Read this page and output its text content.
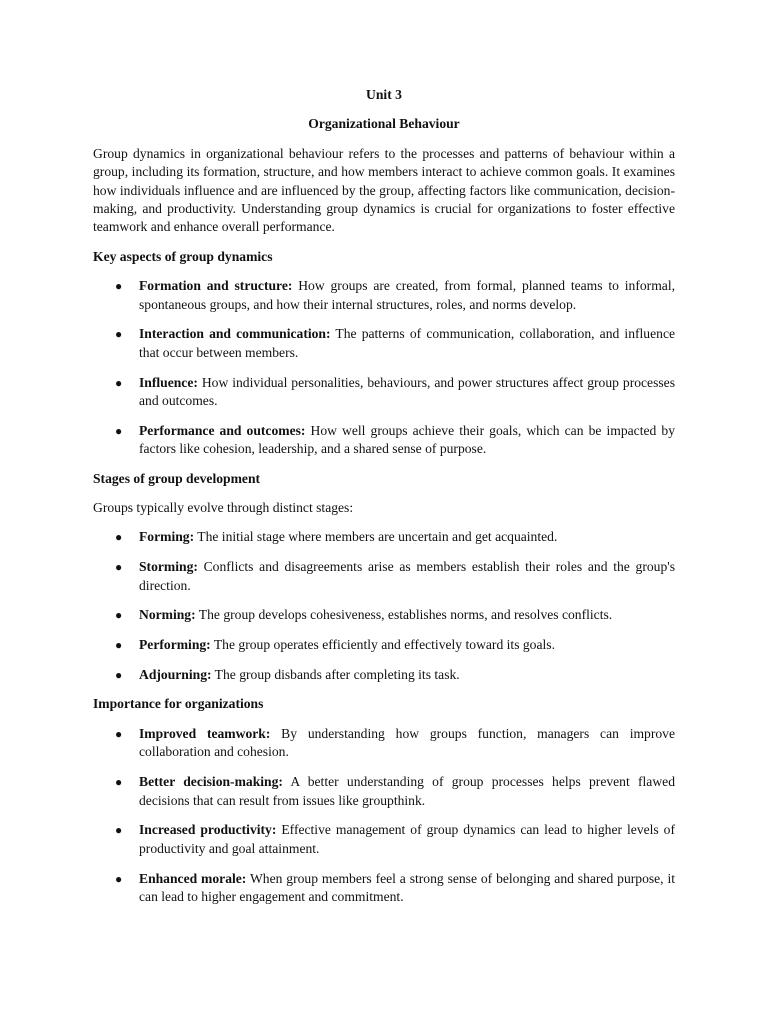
Unit 3

Organizational Behaviour

Group dynamics in organizational behaviour refers to the processes and patterns of behaviour within a group, including its formation, structure, and how members interact to achieve common goals. It examines how individuals influence and are influenced by the group, affecting factors like communication, decision-making, and productivity. Understanding group dynamics is crucial for organizations to foster effective teamwork and enhance overall performance.

Key aspects of group dynamics
● Formation and structure: How groups are created, from formal, planned teams to informal, spontaneous groups, and how their internal structures, roles, and norms develop.
● Interaction and communication: The patterns of communication, collaboration, and influence that occur between members.
● Influence: How individual personalities, behaviours, and power structures affect group processes and outcomes.
● Performance and outcomes: How well groups achieve their goals, which can be impacted by factors like cohesion, leadership, and a shared sense of purpose.
Stages of group development

Groups typically evolve through distinct stages:

● Forming: The initial stage where members are uncertain and get acquainted.
● Storming: Conflicts and disagreements arise as members establish their roles and the group's direction.
● Norming: The group develops cohesiveness, establishes norms, and resolves conflicts.
● Performing: The group operates efficiently and effectively toward its goals.
● Adjourning: The group disbands after completing its task.
Importance for organizations
● Improved teamwork: By understanding how groups function, managers can improve collaboration and cohesion.
● Better decision-making: A better understanding of group processes helps prevent flawed decisions that can result from issues like groupthink.
● Increased productivity: Effective management of group dynamics can lead to higher levels of productivity and goal attainment.
● Enhanced morale: When group members feel a strong sense of belonging and shared purpose, it can lead to higher engagement and commitment.
